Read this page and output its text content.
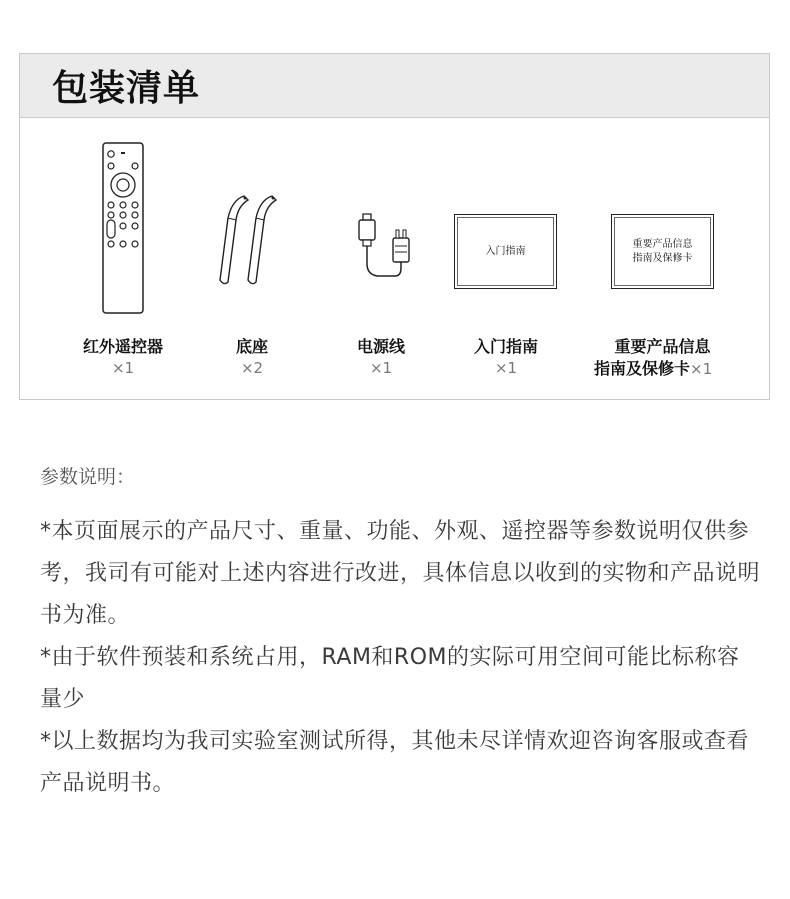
包装清单
红外遥控器
×1
底座
×2
电源线
×1
入门指南
入门指南
×1
重要产品信息
指南及保修卡
重要产品信息
指南及保修卡×1
参数说明：
*本页面展示的产品尺寸、重量、功能、外观、遥控器等参数说明仅供参考，我司有可能对上述内容进行改进，具体信息以收到的实物和产品说明书为准。
*由于软件预装和系统占用，RAM和ROM的实际可用空间可能比标称容量少
*以上数据均为我司实验室测试所得，其他未尽详情欢迎咨询客服或查看产品说明书。
